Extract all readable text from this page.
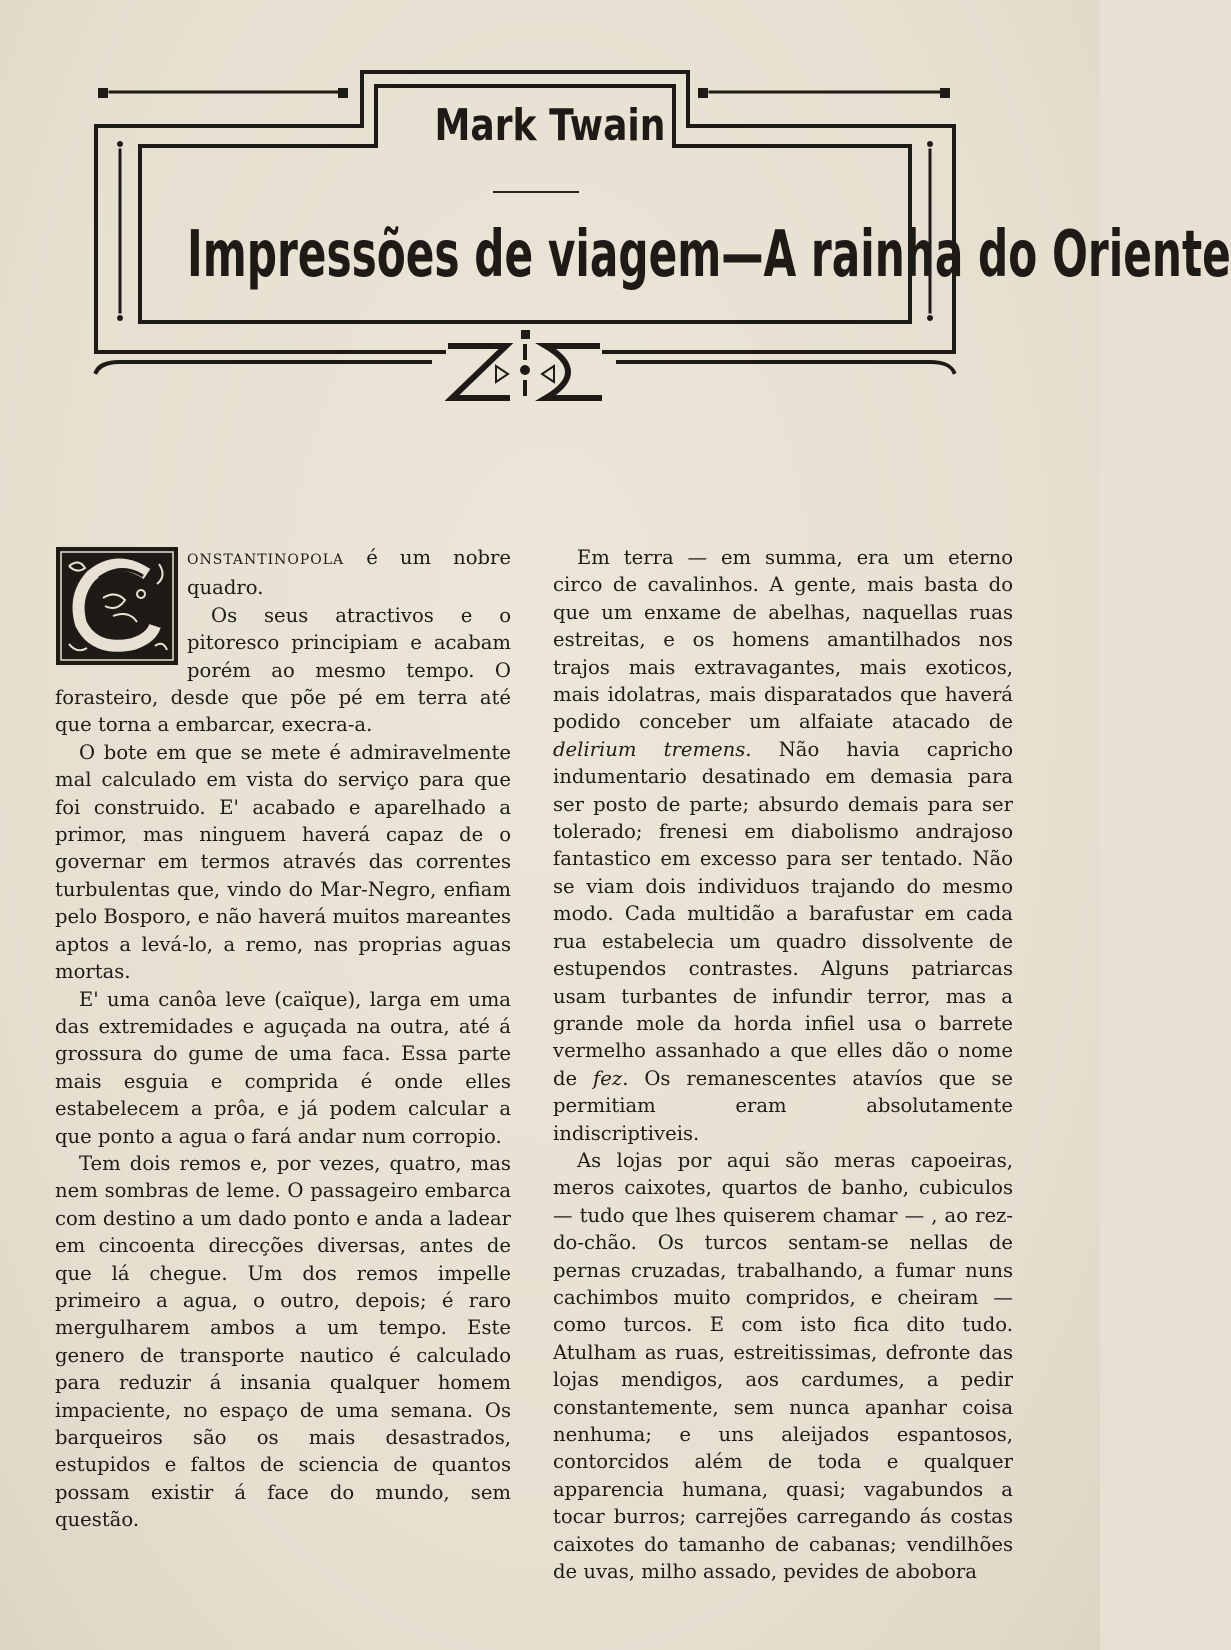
Mark Twain
Impressões de viagem—A rainha do Oriente

ONSTANTINOPOLA é um nobre quadro.

Os seus atractivos e o pitoresco principiam e acabam porém ao mesmo tempo. O forasteiro, desde que põe pé em terra até que torna a embarcar, execra-a.

O bote em que se mete é admiravelmente mal calculado em vista do serviço para que foi construido. E' acabado e aparelhado a primor, mas ninguem haverá capaz de o governar em termos através das correntes turbulentas que, vindo do Mar-Negro, enfiam pelo Bosporo, e não haverá muitos mareantes aptos a levá-lo, a remo, nas proprias aguas mortas.

E' uma canôa leve (caïque), larga em uma das extremidades e aguçada na outra, até á grossura do gume de uma faca. Essa parte mais esguia e comprida é onde elles estabelecem a prôa, e já podem calcular a que ponto a agua o fará andar num corropio.

Tem dois remos e, por vezes, quatro, mas nem sombras de leme. O passageiro embarca com destino a um dado ponto e anda a ladear em cincoenta direcções diversas, antes de que lá chegue. Um dos remos impelle primeiro a agua, o outro, depois; é raro mergulharem ambos a um tempo. Este genero de transporte nautico é calculado para reduzir á insania qualquer homem impaciente, no espaço de uma semana. Os barqueiros são os mais desastrados, estupidos e faltos de sciencia de quantos possam existir á face do mundo, sem questão.

Em terra — em summa, era um eterno circo de cavalinhos. A gente, mais basta do que um enxame de abelhas, naquellas ruas estreitas, e os homens amantilhados nos trajos mais extravagantes, mais exoticos, mais idolatras, mais disparatados que haverá podido conceber um alfaiate atacado de delirium tremens. Não havia capricho indumentario desatinado em demasia para ser posto de parte; absurdo demais para ser tolerado; frenesi em diabolismo andrajoso fantastico em excesso para ser tentado. Não se viam dois individuos trajando do mesmo modo. Cada multidão a barafustar em cada rua estabelecia um quadro dissolvente de estupendos contrastes. Alguns patriarcas usam turbantes de infundir terror, mas a grande mole da horda infiel usa o barrete vermelho assanhado a que elles dão o nome de fez. Os remanescentes atavíos que se permitiam eram absolutamente indiscriptiveis.

As lojas por aqui são meras capoeiras, meros caixotes, quartos de banho, cubiculos — tudo que lhes quiserem chamar — , ao rez-do-chão. Os turcos sentam-se nellas de pernas cruzadas, trabalhando, a fumar nuns cachimbos muito compridos, e cheiram — como turcos. E com isto fica dito tudo. Atulham as ruas, estreitissimas, defronte das lojas mendigos, aos cardumes, a pedir constantemente, sem nunca apanhar coisa nenhuma; e uns aleijados espantosos, contorcidos além de toda e qualquer apparencia humana, quasi; vagabundos a tocar burros; carrejões carregando ás costas caixotes do tamanho de cabanas; vendilhões de uvas, milho assado, pevides de abobora
